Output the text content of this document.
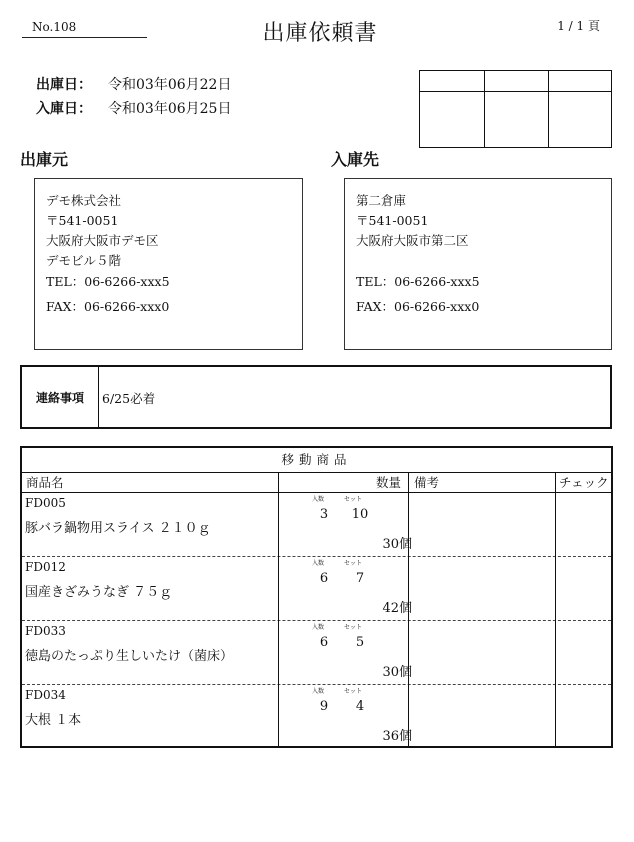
No.108	出庫依頼書	1 / 1 頁
出庫日： 令和03年06月22日
入庫日： 令和03年06月25日
出庫元
デモ株式会社
〒541-0051
大阪府大阪市デモ区
デモビル５階
TEL：06-6266-xxx5
FAX：06-6266-xxx0
入庫先
第二倉庫
〒541-0051
大阪府大阪市第二区
TEL：06-6266-xxx5
FAX：06-6266-xxx0
連絡事項	6/25必着
移動商品
商品名	数量 備考	チェック
FD005
豚バラ鍋物用スライス ２１０ｇ
入数	セット
3	10
30個
FD012
国産きざみうなぎ ７５ｇ
入数	セット
6	7
42個
FD033
徳島のたっぷり生しいたけ（菌床）
入数	セット
6	5
30個
FD034
大根 １本
入数	セット
9	4
36個
